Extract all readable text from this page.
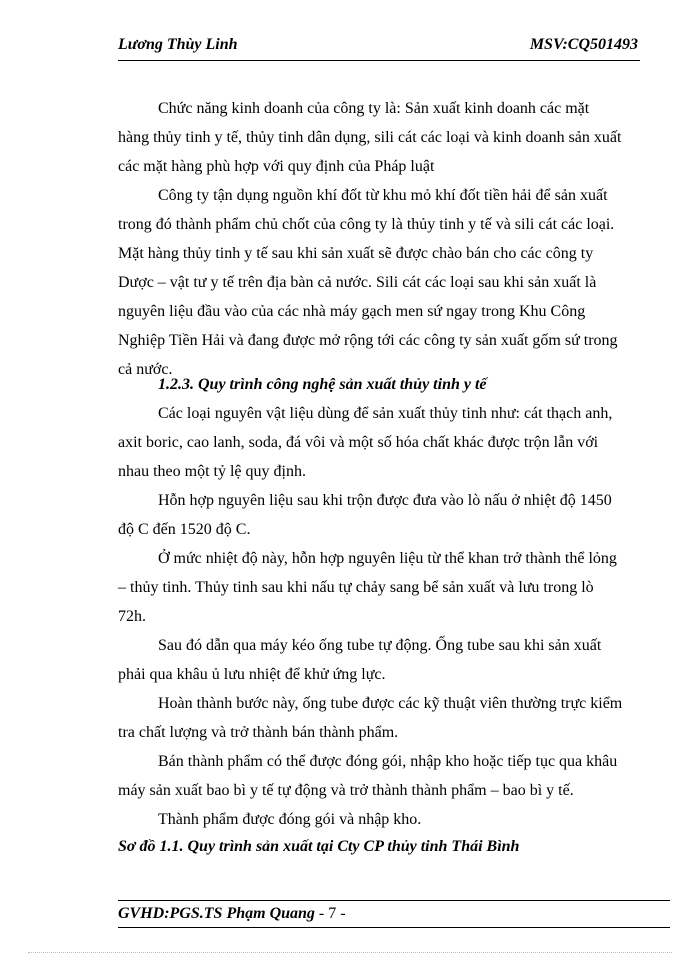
Lương Thùy Linh	MSV:CQ501493
Chức năng kinh doanh của công ty là: Sản xuất kinh doanh các mặt
hàng thủy tinh y tế, thủy tinh dân dụng, sili cát các loại và kinh doanh sản xuất
các mặt hàng phù hợp với quy định của Pháp luật
Công ty tận dụng nguồn khí đốt từ khu mỏ khí đốt tiền hải để sản xuất
trong đó thành phẩm chủ chốt của công ty là thủy tinh y tế và sili cát các loại.
Mặt hàng thủy tinh y tế sau khi sản xuất sẽ được chào bán cho các công ty
Dược – vật tư y tế trên địa bàn cả nước. Sili cát các loại sau khi sản xuất là
nguyên liệu đầu vào của các nhà máy gạch men sứ ngay trong Khu Công
Nghiệp Tiền Hải và đang được mở rộng tới các công ty sản xuất gốm sứ trong
cả nước.
1.2.3. Quy trình công nghệ sản xuất thủy tinh y tế
Các loại nguyên vật liệu dùng để sản xuất thủy tinh như: cát thạch anh,
axit boric, cao lanh, soda, đá vôi và một số hóa chất khác được trộn lẫn với
nhau theo một tỷ lệ quy định.
Hỗn hợp nguyên liệu sau khi trộn được đưa vào lò nấu ở nhiệt độ 1450
độ C đến 1520 độ C.
Ở mức nhiệt độ này, hỗn hợp nguyên liệu từ thể khan trở thành thể lỏng
– thủy tinh. Thủy tinh sau khi nấu tự chảy sang bể sản xuất và lưu trong lò
72h.
Sau đó dẫn qua máy kéo ống tube tự động. Ống tube sau khi sản xuất
phải qua khâu ủ lưu nhiệt để khử ứng lực.
Hoàn thành bước này, ống tube được các kỹ thuật viên thường trực kiểm
tra chất lượng và trở thành bán thành phẩm.
Bán thành phẩm có thể được đóng gói, nhập kho hoặc tiếp tục qua khâu
máy sản xuất bao bì y tế tự động và trở thành thành phẩm – bao bì y tế.
Thành phẩm được đóng gói và nhập kho.
Sơ đồ 1.1. Quy trình sản xuất tại Cty CP thủy tinh Thái Bình
GVHD:PGS.TS Phạm Quang - 7 -
